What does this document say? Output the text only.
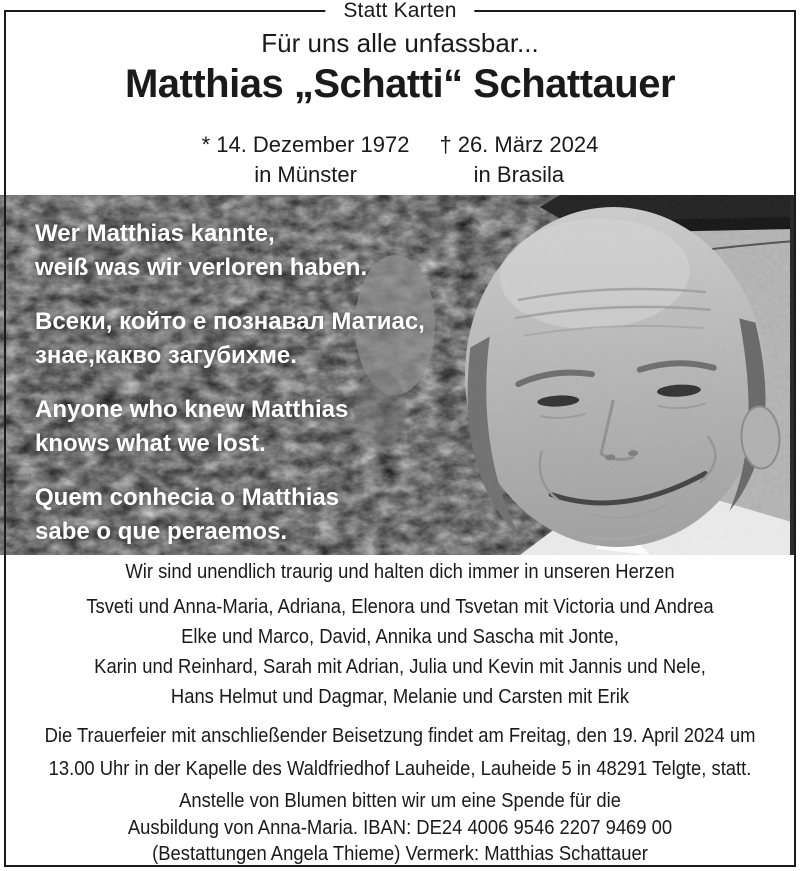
Statt Karten
Für uns alle unfassbar...
Matthias „Schatti“ Schattauer
* 14. Dezember 1972
in Münster
† 26. März 2024
in Brasila
Wer Matthias kannte,
weiß was wir verloren haben.
Всеки, който е познавал Матиас,
знае,какво загубихме.
Anyone who knew Matthias
knows what we lost.
Quem conhecia o Matthias
sabe o que peraemos.
Wir sind unendlich traurig und halten dich immer in unseren Herzen
Tsveti und Anna-Maria, Adriana, Elenora und Tsvetan mit Victoria und Andrea
Elke und Marco, David, Annika und Sascha mit Jonte,
Karin und Reinhard, Sarah mit Adrian, Julia und Kevin mit Jannis und Nele,
Hans Helmut und Dagmar, Melanie und Carsten mit Erik
Die Trauerfeier mit anschließender Beisetzung findet am Freitag, den 19. April 2024 um
13.00 Uhr in der Kapelle des Waldfriedhof Lauheide, Lauheide 5 in 48291 Telgte, statt.
Anstelle von Blumen bitten wir um eine Spende für die
Ausbildung von Anna-Maria. IBAN: DE24 4006 9546 2207 9469 00
(Bestattungen Angela Thieme) Vermerk: Matthias Schattauer
